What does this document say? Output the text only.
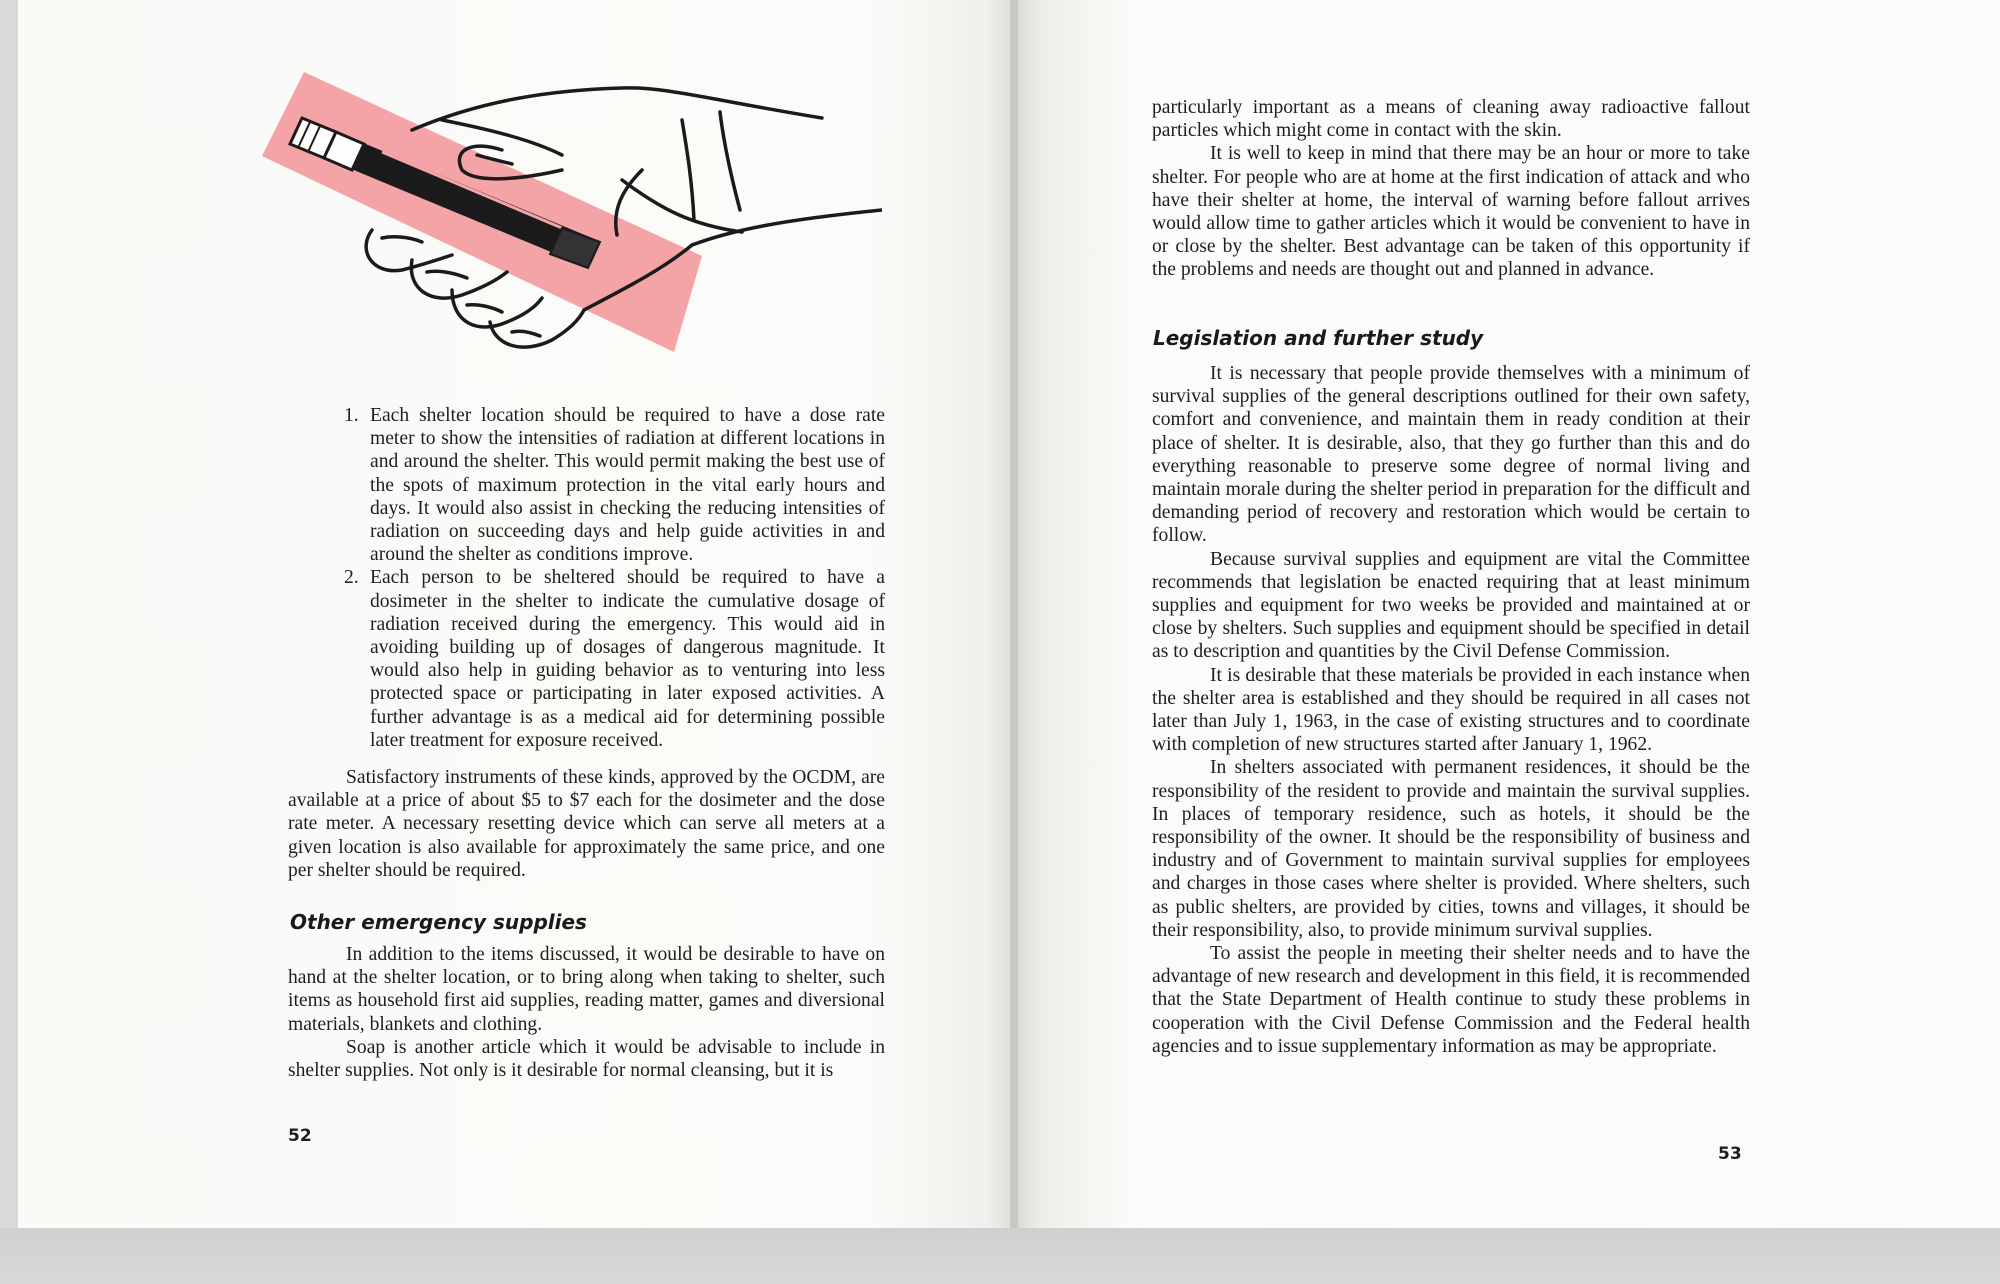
1. Each shelter location should be required to have a dose rate meter to show the intensities of radiation at different locations in and around the shelter. This would permit making the best use of the spots of maximum protection in the vital early hours and days. It would also assist in checking the reducing intensities of radiation on succeeding days and help guide activities in and around the shelter as conditions improve.
2. Each person to be sheltered should be required to have a dosimeter in the shelter to indicate the cumulative dosage of radiation received during the emergency. This would aid in avoiding building up of dosages of dangerous magnitude. It would also help in guiding behavior as to venturing into less protected space or participating in later exposed activities. A further advantage is as a medical aid for determining possible later treatment for exposure received.

Satisfactory instruments of these kinds, approved by the OCDM, are available at a price of about $5 to $7 each for the dosimeter and the dose rate meter. A necessary resetting device which can serve all meters at a given location is also available for approximately the same price, and one per shelter should be required.

Other emergency supplies

In addition to the items discussed, it would be desirable to have on hand at the shelter location, or to bring along when taking to shelter, such items as household first aid supplies, reading matter, games and diversional materials, blankets and clothing.

Soap is another article which it would be advisable to include in shelter supplies. Not only is it desirable for normal cleansing, but it is

52

particularly important as a means of cleaning away radioactive fallout particles which might come in contact with the skin.

It is well to keep in mind that there may be an hour or more to take shelter. For people who are at home at the first indication of attack and who have their shelter at home, the interval of warning before fallout arrives would allow time to gather articles which it would be convenient to have in or close by the shelter. Best advantage can be taken of this opportunity if the problems and needs are thought out and planned in advance.

Legislation and further study

It is necessary that people provide themselves with a minimum of survival supplies of the general descriptions outlined for their own safety, comfort and convenience, and maintain them in ready condition at their place of shelter. It is desirable, also, that they go further than this and do everything reasonable to preserve some degree of normal living and maintain morale during the shelter period in preparation for the difficult and demanding period of recovery and restoration which would be certain to follow.

Because survival supplies and equipment are vital the Committee recommends that legislation be enacted requiring that at least minimum supplies and equipment for two weeks be provided and maintained at or close by shelters. Such supplies and equipment should be specified in detail as to description and quantities by the Civil Defense Commission.

It is desirable that these materials be provided in each instance when the shelter area is established and they should be required in all cases not later than July 1, 1963, in the case of existing structures and to coordinate with completion of new structures started after January 1, 1962.

In shelters associated with permanent residences, it should be the responsibility of the resident to provide and maintain the survival supplies. In places of temporary residence, such as hotels, it should be the responsibility of the owner. It should be the responsibility of business and industry and of Government to maintain survival supplies for employees and charges in those cases where shelter is provided. Where shelters, such as public shelters, are provided by cities, towns and villages, it should be their responsibility, also, to provide minimum survival supplies.

To assist the people in meeting their shelter needs and to have the advantage of new research and development in this field, it is recommended that the State Department of Health continue to study these problems in cooperation with the Civil Defense Commission and the Federal health agencies and to issue supplementary information as may be appropriate.

53
